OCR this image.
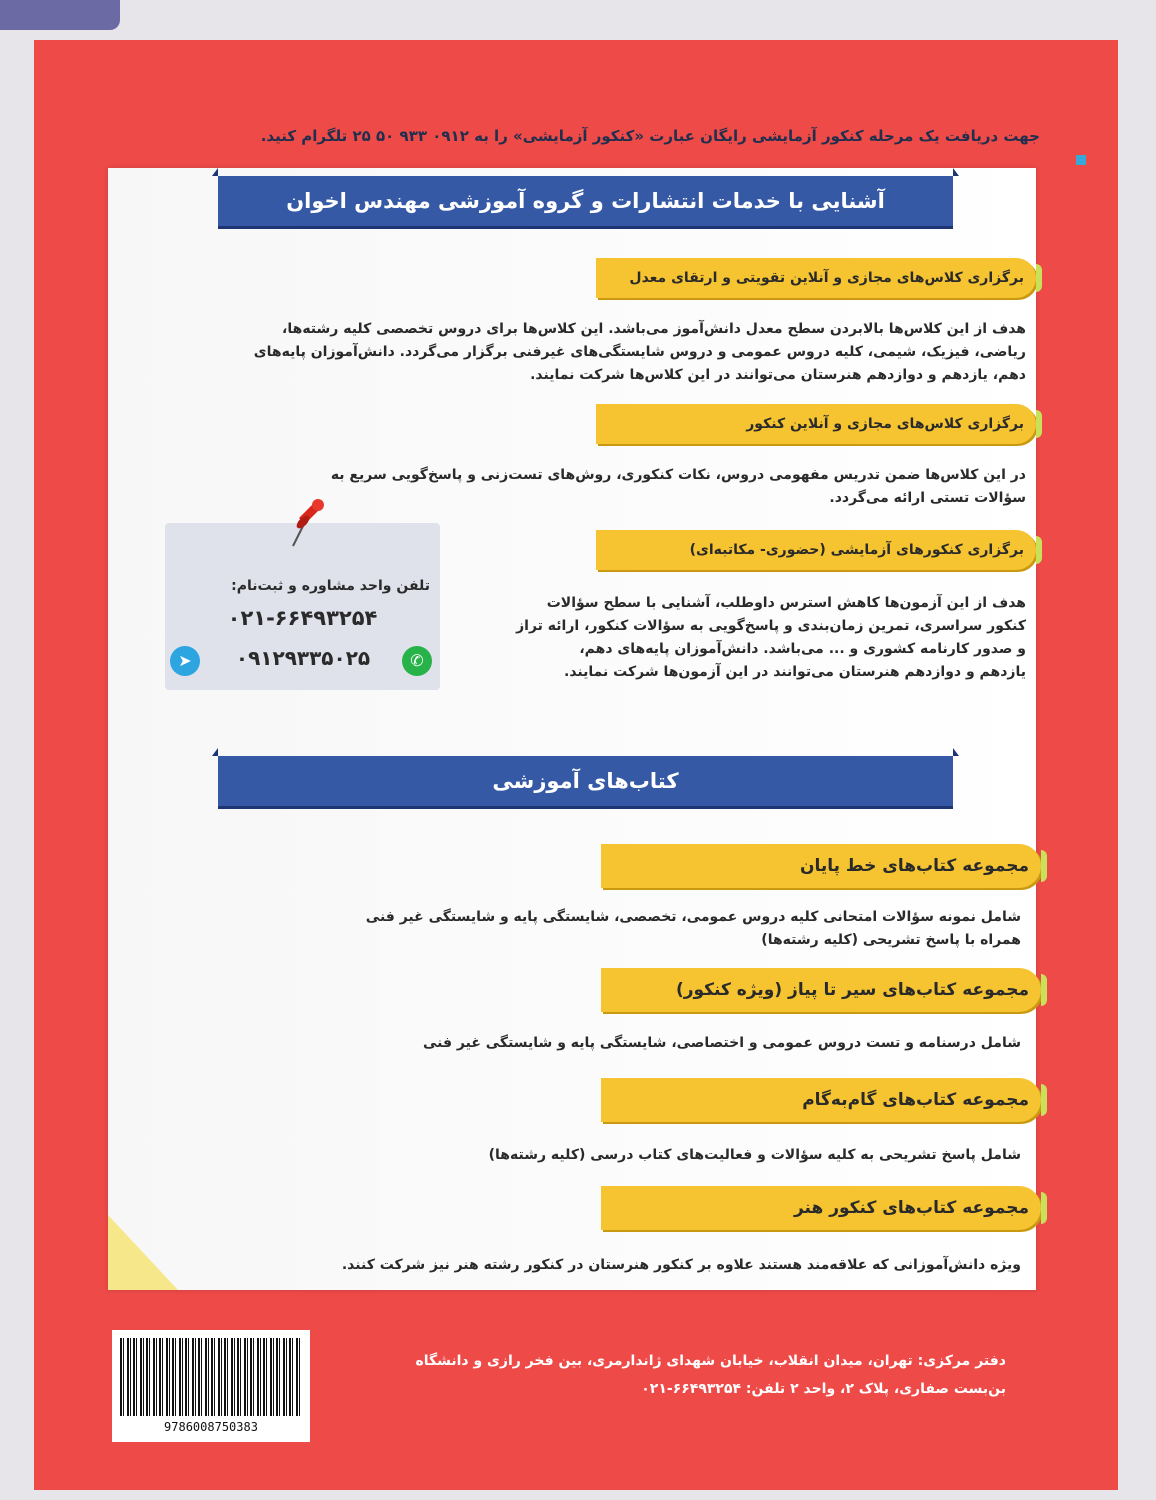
جهت دریافت یک مرحله کنکور آزمایشی رایگان عبارت «کنکور آزمایشی» را به ۰۹۱۲ ۹۳۳ ۵۰ ۲۵ تلگرام کنید.
آشنایی با خدمات انتشارات و گروه آموزشی مهندس اخوان
برگزاری کلاس‌های مجازی و آنلاین تقویتی و ارتقای معدل
هدف از این کلاس‌ها بالابردن سطح معدل دانش‌آموز می‌باشد. این کلاس‌ها برای دروس تخصصی کلیه رشته‌ها،
ریاضی، فیزیک، شیمی، کلیه دروس عمومی و دروس شایستگی‌های غیرفنی برگزار می‌گردد. دانش‌آموزان پایه‌های
دهم، یازدهم و دوازدهم هنرستان می‌توانند در این کلاس‌ها شرکت نمایند.
برگزاری کلاس‌های مجازی و آنلاین کنکور
در این کلاس‌ها ضمن تدریس مفهومی دروس، نکات کنکوری، روش‌های تست‌زنی و پاسخ‌گویی سریع به
سؤالات تستی ارائه می‌گردد.
برگزاری کنکورهای آزمایشی (حضوری- مکاتبه‌ای)
هدف از این آزمون‌ها کاهش استرس داوطلب، آشنایی با سطح سؤالات
کنکور سراسری، تمرین زمان‌بندی و پاسخ‌گویی به سؤالات کنکور، ارائه تراز
و صدور کارنامه کشوری و ... می‌باشد. دانش‌آموزان پایه‌های دهم،
یازدهم و دوازدهم هنرستان می‌توانند در این آزمون‌ها شرکت نمایند.
تلفن واحد مشاوره و ثبت‌نام:
۰۲۱-۶۶۴۹۳۲۵۴
➤	۰۹۱۲۹۳۳۵۰۲۵	✆
کتاب‌های آموزشی
مجموعه کتاب‌های خط پایان
شامل نمونه سؤالات امتحانی کلیه دروس عمومی، تخصصی، شایستگی پایه و شایستگی غیر فنی
همراه با پاسخ تشریحی (کلیه رشته‌ها)
مجموعه کتاب‌های سیر تا پیاز (ویژه کنکور)
شامل درسنامه و تست دروس عمومی و اختصاصی، شایستگی پایه و شایستگی غیر فنی
مجموعه کتاب‌های گام‌به‌گام
شامل پاسخ تشریحی به کلیه سؤالات و فعالیت‌های کتاب درسی (کلیه رشته‌ها)
مجموعه کتاب‌های کنکور هنر
ویژه دانش‌آموزانی که علاقه‌مند هستند علاوه بر کنکور هنرستان در کنکور رشته هنر نیز شرکت کنند.
9786008750383
دفتر مرکزی: تهران، میدان انقلاب، خیابان شهدای ژاندارمری، بین فخر رازی و دانشگاه
بن‌بست صفاری، پلاک ۲، واحد ۲ تلفن: ۶۶۴۹۳۲۵۴-۰۲۱
